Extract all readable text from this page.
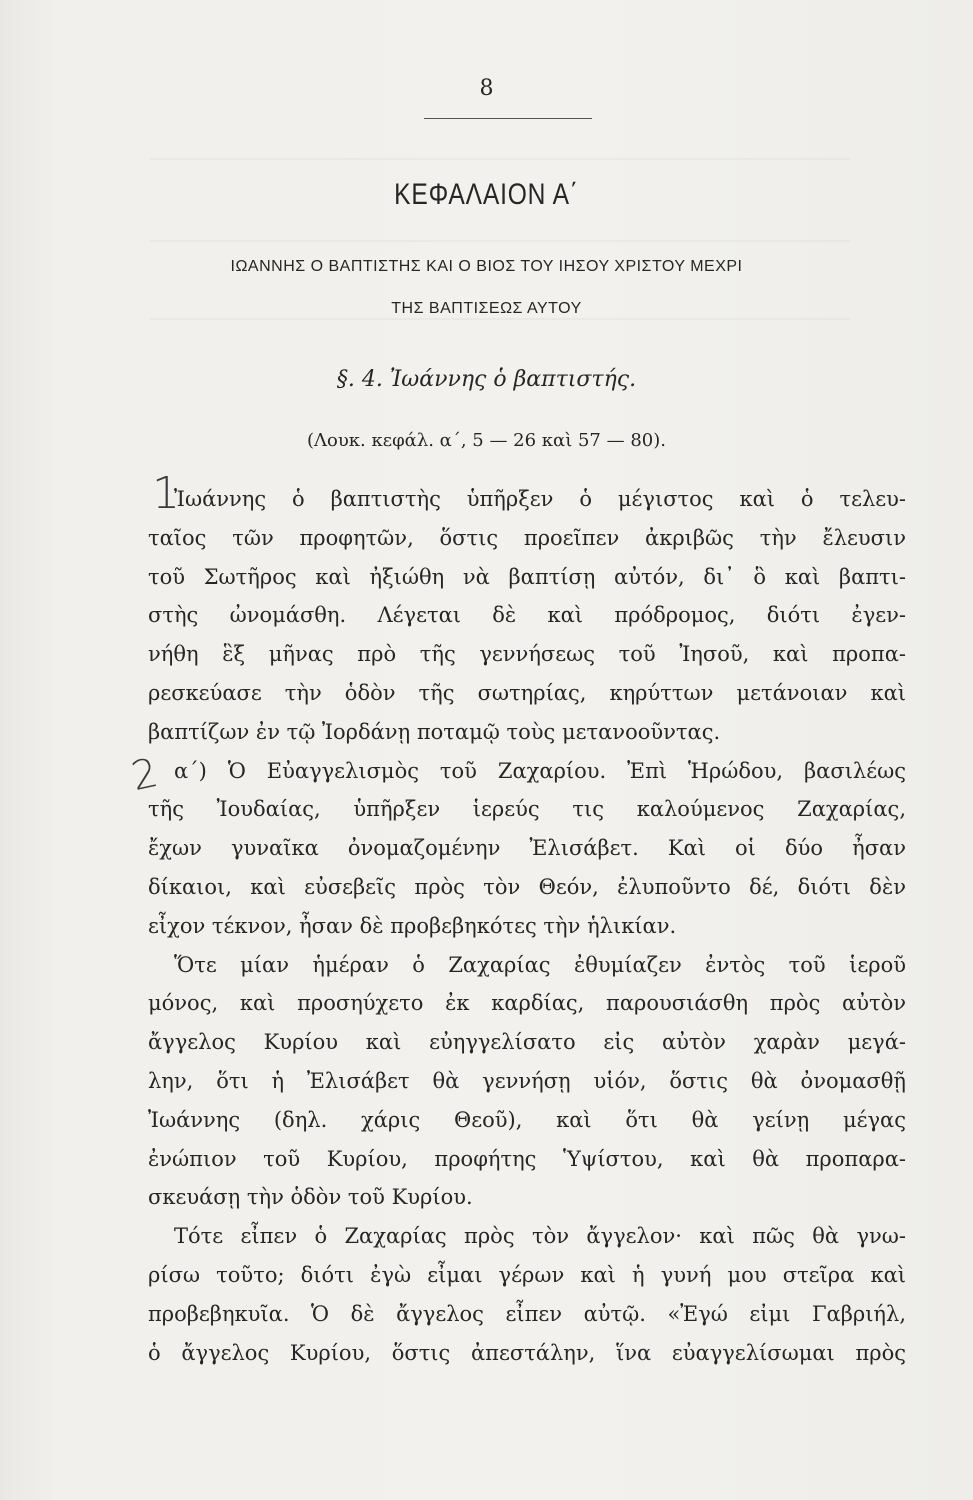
8
ΚΕΦΑΛΑΙΟΝ Α΄
ΙΩΑΝΝΗΣ Ο ΒΑΠΤΙΣΤΗΣ ΚΑΙ Ο ΒΙΟΣ ΤΟΥ ΙΗΣΟΥ ΧΡΙΣΤΟΥ ΜΕΧΡΙ
ΤΗΣ ΒΑΠΤΙΣΕΩΣ ΑΥΤΟΥ
§. 4. Ἰωάννης ὁ βαπτιστής.
(Λουκ. κεφάλ. α΄, 5 — 26 καὶ 57 — 80).
1
2
Ἰωάννης ὁ βαπτιστὴς ὑπῆρξεν ὁ μέγιστος καὶ ὁ τελευ-
ταῖος τῶν προφητῶν, ὅστις προεῖπεν ἀκριβῶς τὴν ἔλευσιν
τοῦ Σωτῆρος καὶ ἠξιώθη νὰ βαπτίσῃ αὐτόν, δι᾽ ὃ καὶ βαπτι-
στὴς ὠνομάσθη. Λέγεται δὲ καὶ πρόδρομος, διότι ἐγεν-
νήθη ἓξ μῆνας πρὸ τῆς γεννήσεως τοῦ Ἰησοῦ, καὶ προπα-
ρεσκεύασε τὴν ὁδὸν τῆς σωτηρίας, κηρύττων μετάνοιαν καὶ
βαπτίζων ἐν τῷ Ἰορδάνῃ ποταμῷ τοὺς μετανοοῦντας.
α΄) Ὁ Εὐαγγελισμὸς τοῦ Ζαχαρίου. Ἐπὶ Ἡρώδου, βασιλέως
τῆς Ἰουδαίας, ὑπῆρξεν ἱερεύς τις καλούμενος Ζαχαρίας,
ἔχων γυναῖκα ὀνομαζομένην Ἐλισάβετ. Καὶ οἱ δύο ἦσαν
δίκαιοι, καὶ εὐσεβεῖς πρὸς τὸν Θεόν, ἐλυποῦντο δέ, διότι δὲν
εἶχον τέκνον, ἦσαν δὲ προβεβηκότες τὴν ἡλικίαν.
Ὅτε μίαν ἡμέραν ὁ Ζαχαρίας ἐθυμίαζεν ἐντὸς τοῦ ἱεροῦ
μόνος, καὶ προσηύχετο ἐκ καρδίας, παρουσιάσθη πρὸς αὐτὸν
ἄγγελος Κυρίου καὶ εὐηγγελίσατο εἰς αὐτὸν χαρὰν μεγά-
λην, ὅτι ἡ Ἐλισάβετ θὰ γεννήσῃ υἱόν, ὅστις θὰ ὀνομασθῇ
Ἰωάννης (δηλ. χάρις Θεοῦ), καὶ ὅτι θὰ γείνῃ μέγας
ἐνώπιον τοῦ Κυρίου, προφήτης Ὑψίστου, καὶ θὰ προπαρα-
σκευάσῃ τὴν ὁδὸν τοῦ Κυρίου.
Τότε εἶπεν ὁ Ζαχαρίας πρὸς τὸν ἄγγελον· καὶ πῶς θὰ γνω-
ρίσω τοῦτο; διότι ἐγὼ εἶμαι γέρων καὶ ἡ γυνή μου στεῖρα καὶ
προβεβηκυῖα. Ὁ δὲ ἄγγελος εἶπεν αὐτῷ. «Ἐγώ εἰμι Γαβριήλ,
ὁ ἄγγελος Κυρίου, ὅστις ἀπεστάλην, ἵνα εὐαγγελίσωμαι πρὸς
